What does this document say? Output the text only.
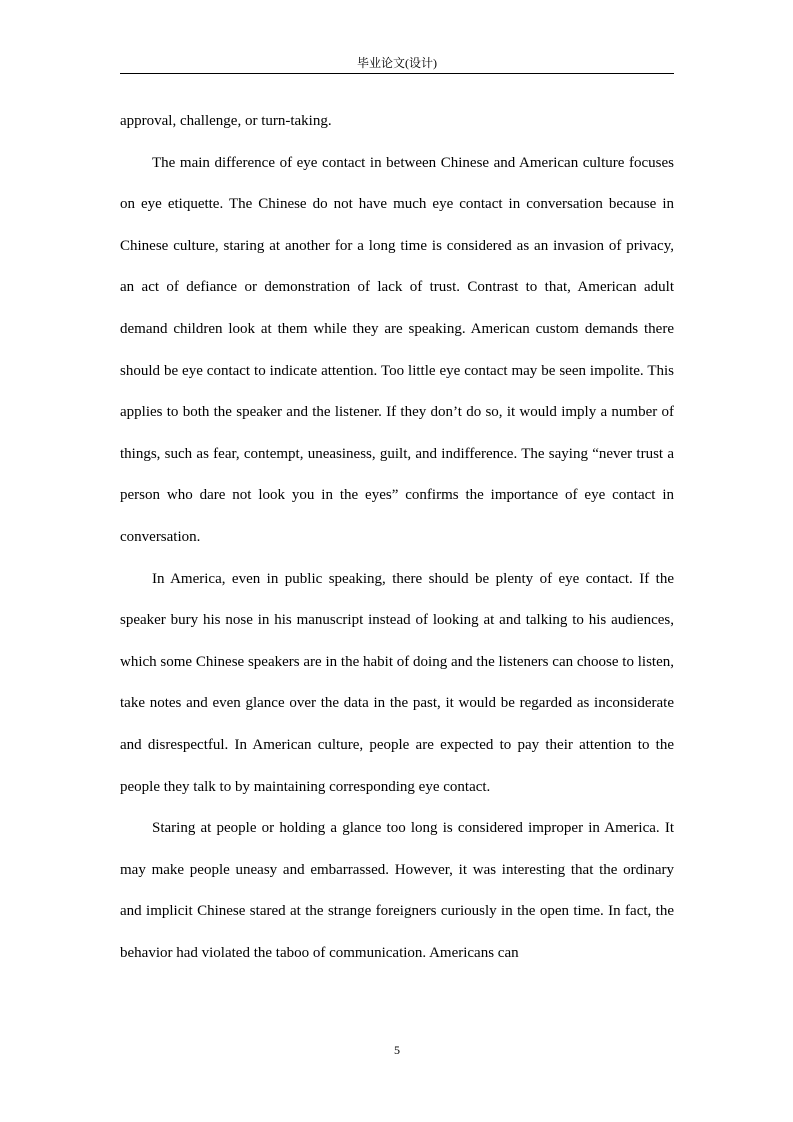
毕业论文(设计)

approval, challenge, or turn-taking.

The main difference of eye contact in between Chinese and American culture focuses on eye etiquette. The Chinese do not have much eye contact in conversation because in Chinese culture, staring at another for a long time is considered as an invasion of privacy, an act of defiance or demonstration of lack of trust. Contrast to that, American adult demand children look at them while they are speaking. American custom demands there should be eye contact to indicate attention. Too little eye contact may be seen impolite. This applies to both the speaker and the listener. If they don’t do so, it would imply a number of things, such as fear, contempt, uneasiness, guilt, and indifference. The saying “never trust a person who dare not look you in the eyes” confirms the importance of eye contact in conversation.

In America, even in public speaking, there should be plenty of eye contact. If the speaker bury his nose in his manuscript instead of looking at and talking to his audiences, which some Chinese speakers are in the habit of doing and the listeners can choose to listen, take notes and even glance over the data in the past, it would be regarded as inconsiderate and disrespectful. In American culture, people are expected to pay their attention to the people they talk to by maintaining corresponding eye contact.

Staring at people or holding a glance too long is considered improper in America. It may make people uneasy and embarrassed. However, it was interesting that the ordinary and implicit Chinese stared at the strange foreigners curiously in the open time. In fact, the behavior had violated the taboo of communication. Americans can

5
